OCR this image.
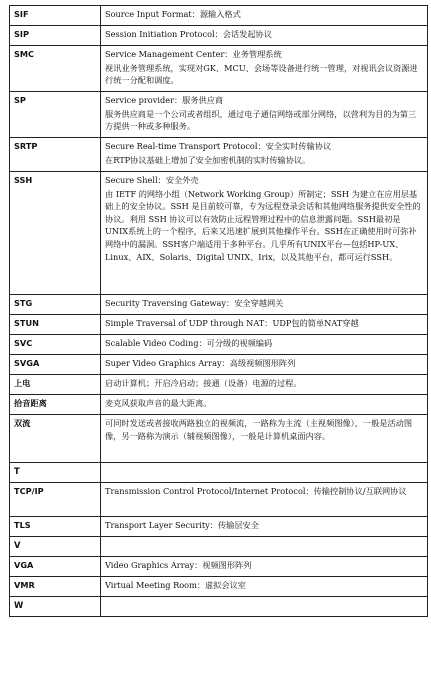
SIF	Source Input Format：源输入格式

SIP	Session Initiation Protocol：会话发起协议

SMC	Service Management Center：业务管理系统
视讯业务管理系统，实现对GK、MCU、会场等设备进行统一管理，对视讯会议资源进行统一分配和调度。

SP	Service provider：服务供应商
服务供应商是一个公司或者组织，通过电子通信网络或部分网络，以营利为目的为第三方提供一种或多种服务。

SRTP	Secure Real-time Transport Protocol：安全实时传输协议
在RTP协议基础上增加了安全加密机制的实时传输协议。

SSH	Secure Shell：安全外壳
由 IETF 的网络小组（Network Working Group）所制定；SSH 为建立在应用层基础上的安全协议。SSH 是目前较可靠，专为远程登录会话和其他网络服务提供安全性的协议。利用 SSH 协议可以有效防止远程管理过程中的信息泄露问题。SSH最初是UNIX系统上的一个程序，后来又迅速扩展到其他操作平台。SSH在正确使用时可弥补网络中的漏洞。SSH客户端适用于多种平台。几乎所有UNIX平台—包括HP-UX、Linux、AIX、Solaris、Digital UNIX、Irix，以及其他平台，都可运行SSH。

STG	Security Traversing Gateway：安全穿越网关

STUN	Simple Traversal of UDP through NAT：UDP包的简单NAT穿越

SVC	Scalable Video Coding：可分级的视频编码

SVGA	Super Video Graphics Array：高级视频图形阵列

上电	启动计算机；开启冷启动；接通（设备）电源的过程。

拾音距离	麦克风获取声音的最大距离。

双流	可同时发送或者接收两路独立的视频流，一路称为主流（主视频图像），一般是活动图像，另一路称为演示（辅视频图像），一般是计算机桌面内容。

T	
TCP/IP	Transmission Control Protocol/Internet Protocol：传输控制协议/互联网协议

TLS	Transport Layer Security：传输层安全

V	
VGA	Video Graphics Array：视频图形阵列

VMR	Virtual Meeting Room：虚拟会议室

W	
